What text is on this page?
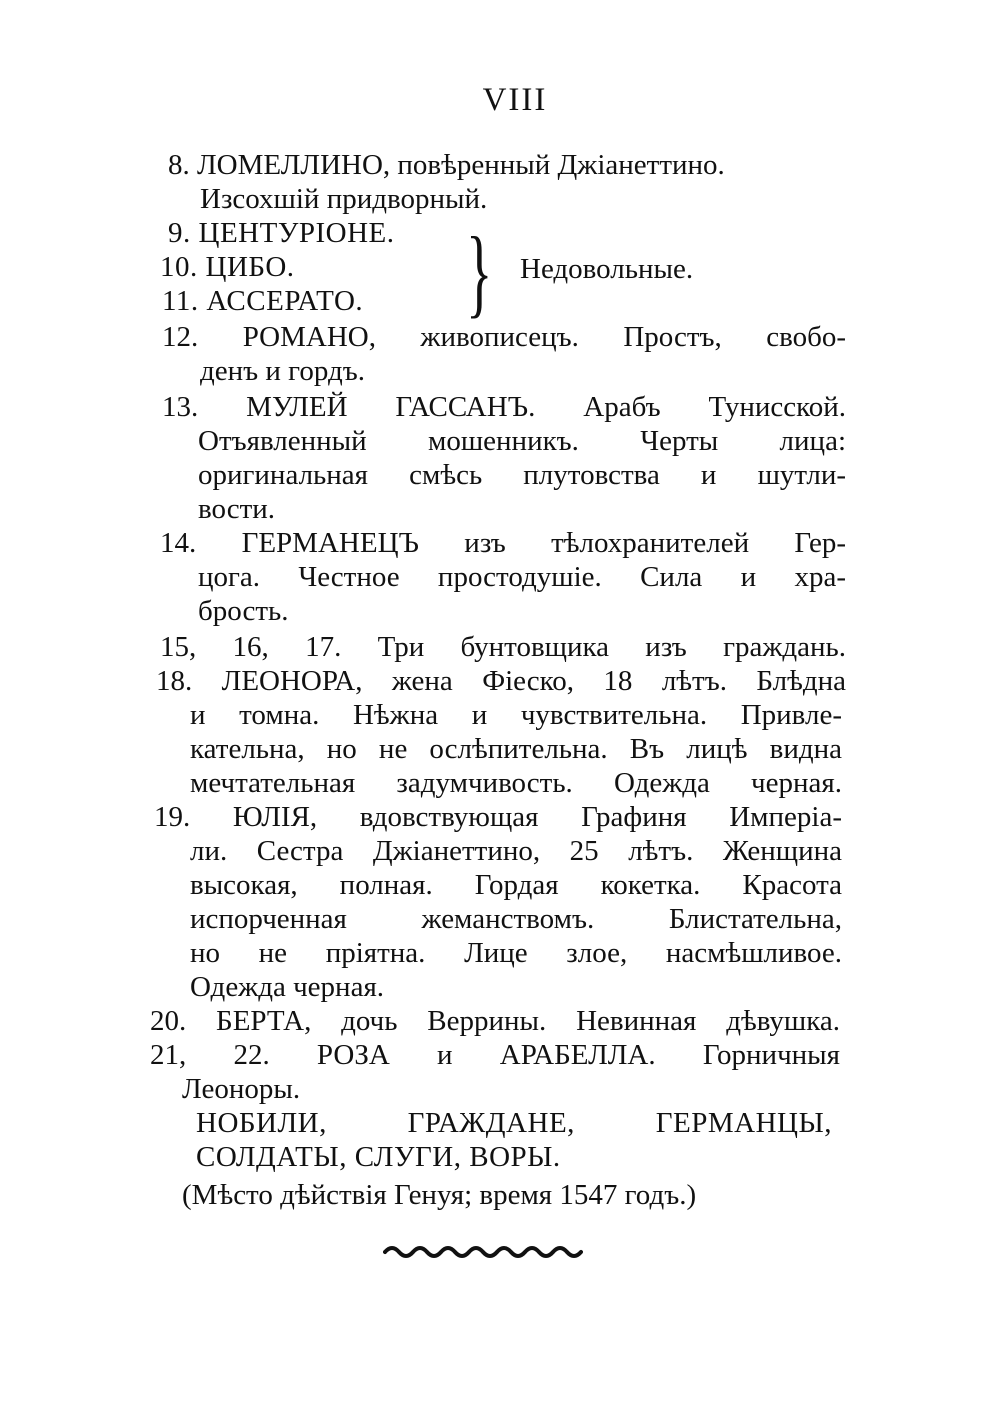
VIII
8. ЛОМЕЛЛИНО, повѣренный Джіанеттино.
Изсохшій придворный.
9. ЦЕНТУРІОНЕ.
10. ЦИБО.
11. АССЕРАТО. } Недовольные.
12. РОМАНО, живописецъ. Простъ, свобо-
денъ и гордъ.
13. МУЛЕЙ ГАССАНЪ. Арабъ Тунисской.
Отъявленный мошенникъ. Черты лица:
оригинальная смѣсь плутовства и шутли-
вости.
14. ГЕРМАНЕЦЪ изъ тѣлохранителей Гер-
цога. Честное простодушіе. Сила и хра-
брость.
15, 16, 17. Три бунтовщика изъ граждань.
18. ЛЕОНОРА, жена Фіеско, 18 лѣтъ. Блѣдна
и томна. Нѣжна и чувствительна. Привле-
кательна, но не ослѣпительна. Въ лицѣ видна
мечтательная задумчивость. Одежда черная.
19. ЮЛІЯ, вдовствующая Графиня Имперіа-
ли. Сестра Джіанеттино, 25 лѣтъ. Женщина
высокая, полная. Гордая кокетка. Красота
испорченная жеманствомъ. Блистательна,
но не пріятна. Лице злое, насмѣшливое.
Одежда черная.
20. БЕРТА, дочь Веррины. Невинная дѣвушка.
21, 22. РОЗА и АРАБЕЛЛА. Горничныя
Леоноры.
НОБИЛИ, ГРАЖДАНЕ, ГЕРМАНЦЫ,
СОЛДАТЫ, СЛУГИ, ВОРЫ.
(Мѣсто дѣйствія Генуя; время 1547 годъ.)
